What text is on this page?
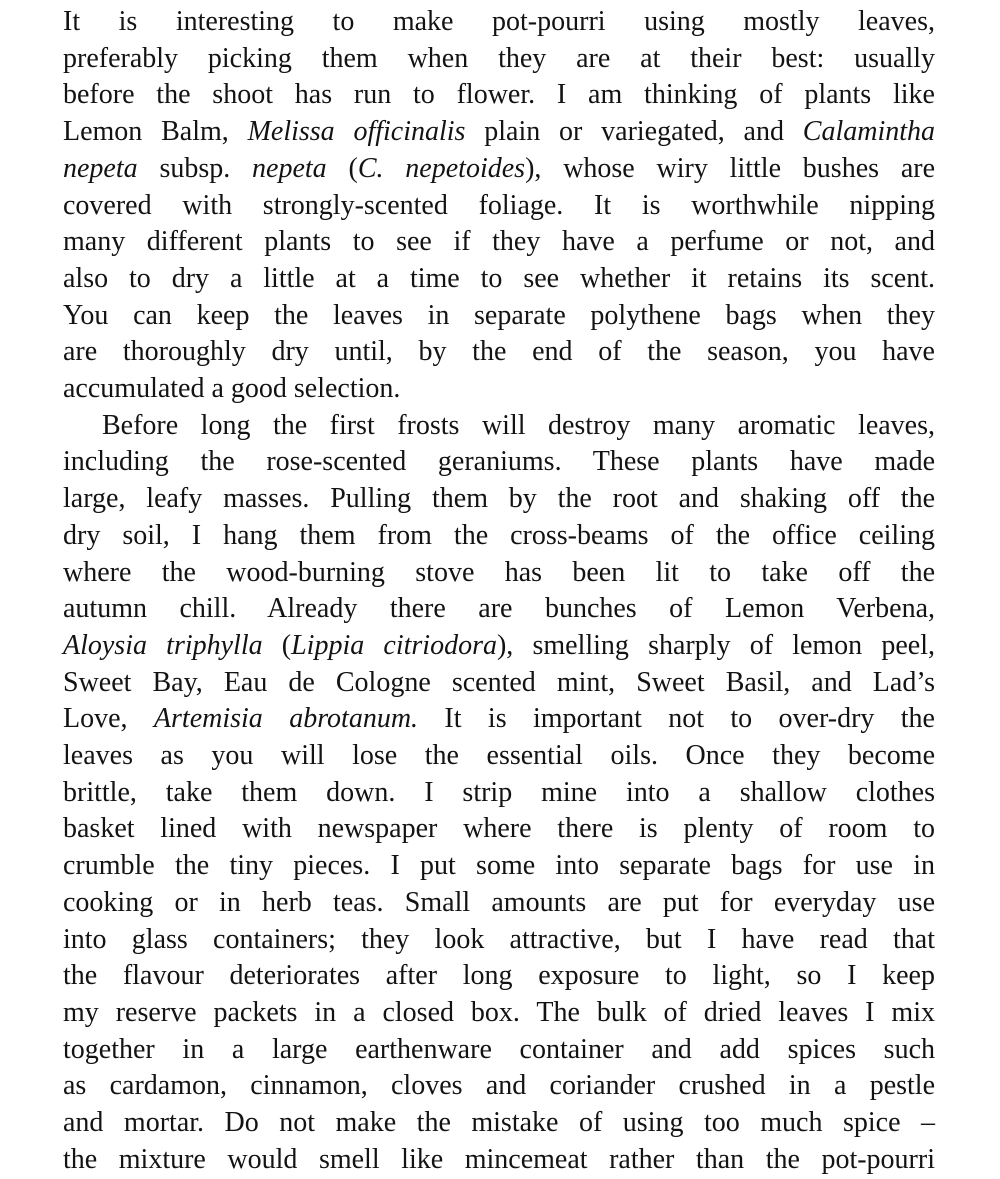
It is interesting to make pot-pourri using mostly leaves,
preferably picking them when they are at their best: usually
before the shoot has run to flower. I am thinking of plants like
Lemon Balm, Melissa officinalis plain or variegated, and Calamintha
nepeta subsp. nepeta (C. nepetoides), whose wiry little bushes are
covered with strongly-scented foliage. It is worthwhile nipping
many different plants to see if they have a perfume or not, and
also to dry a little at a time to see whether it retains its scent.
You can keep the leaves in separate polythene bags when they
are thoroughly dry until, by the end of the season, you have
accumulated a good selection.
Before long the first frosts will destroy many aromatic leaves,
including the rose-scented geraniums. These plants have made
large, leafy masses. Pulling them by the root and shaking off the
dry soil, I hang them from the cross-beams of the office ceiling
where the wood-burning stove has been lit to take off the
autumn chill. Already there are bunches of Lemon Verbena,
Aloysia triphylla (Lippia citriodora), smelling sharply of lemon peel,
Sweet Bay, Eau de Cologne scented mint, Sweet Basil, and Lad’s
Love, Artemisia abrotanum. It is important not to over-dry the
leaves as you will lose the essential oils. Once they become
brittle, take them down. I strip mine into a shallow clothes
basket lined with newspaper where there is plenty of room to
crumble the tiny pieces. I put some into separate bags for use in
cooking or in herb teas. Small amounts are put for everyday use
into glass containers; they look attractive, but I have read that
the flavour deteriorates after long exposure to light, so I keep
my reserve packets in a closed box. The bulk of dried leaves I mix
together in a large earthenware container and add spices such
as cardamon, cinnamon, cloves and coriander crushed in a pestle
and mortar. Do not make the mistake of using too much spice –
the mixture would smell like mincemeat rather than the pot-pourri
